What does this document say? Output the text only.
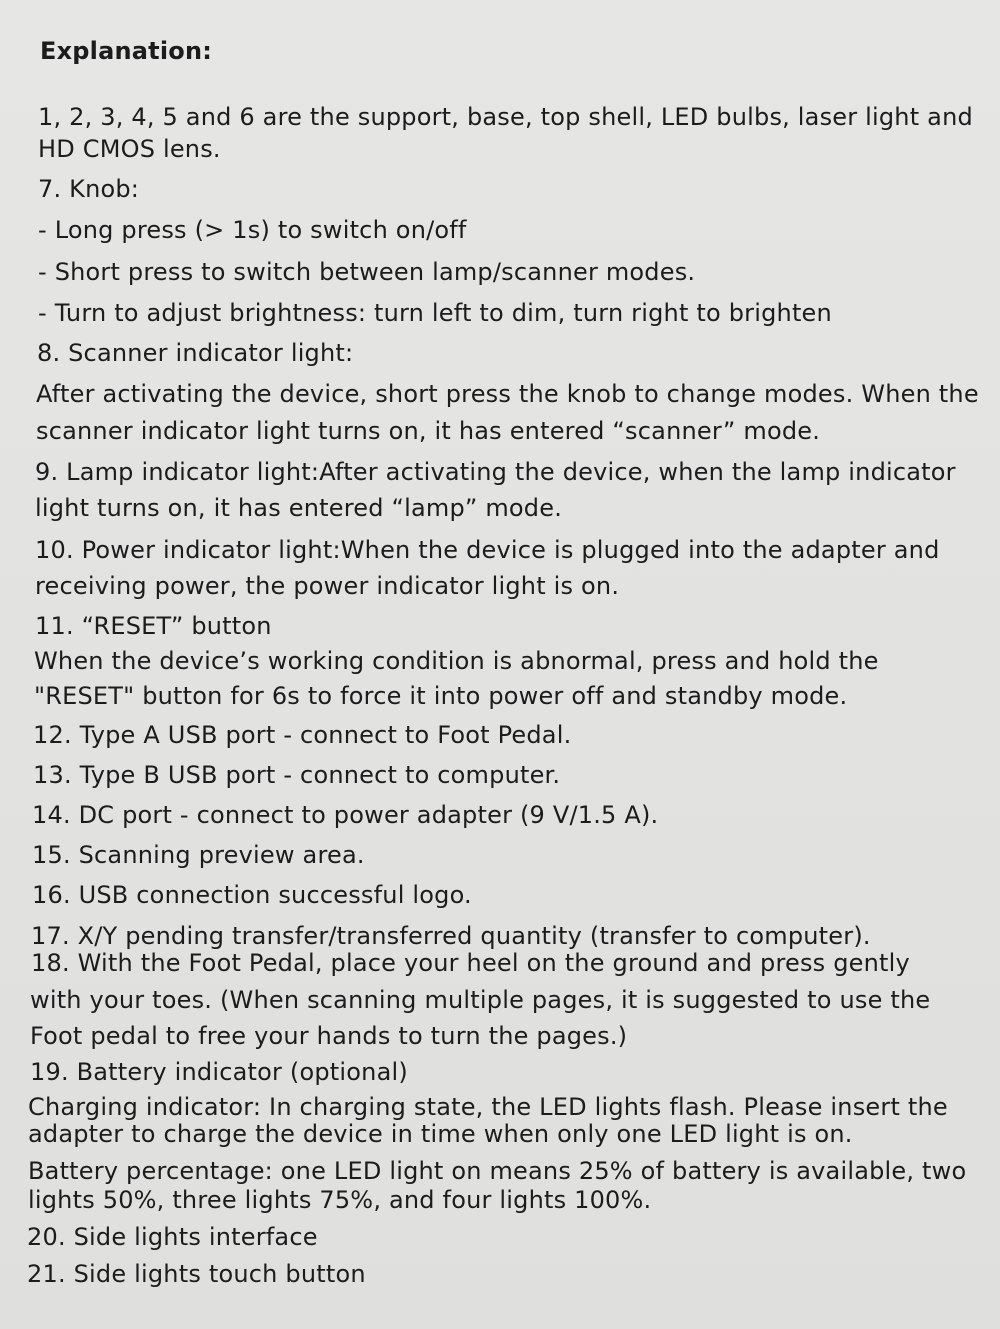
Explanation:
1, 2, 3, 4, 5 and 6 are the support, base, top shell, LED bulbs, laser light and
HD CMOS lens.
7. Knob:
- Long press (> 1s) to switch on/off
- Short press to switch between lamp/scanner modes.
- Turn to adjust brightness: turn left to dim, turn right to brighten
8. Scanner indicator light:
After activating the device, short press the knob to change modes. When the
scanner indicator light turns on, it has entered “scanner” mode.
9. Lamp indicator light:After activating the device, when the lamp indicator
light turns on, it has entered “lamp” mode.
10. Power indicator light:When the device is plugged into the adapter and
receiving power, the power indicator light is on.
11. “RESET” button
When the device’s working condition is abnormal, press and hold the
"RESET" button for 6s to force it into power off and standby mode.
12. Type A USB port - connect to Foot Pedal.
13. Type B USB port - connect to computer.
14. DC port - connect to power adapter (9 V/1.5 A).
15. Scanning preview area.
16. USB connection successful logo.
17. X/Y pending transfer/transferred quantity (transfer to computer).
18. With the Foot Pedal, place your heel on the ground and press gently
with your toes. (When scanning multiple pages, it is suggested to use the
Foot pedal to free your hands to turn the pages.)
19. Battery indicator (optional)
Charging indicator: In charging state, the LED lights flash. Please insert the
adapter to charge the device in time when only one LED light is on.
Battery percentage: one LED light on means 25% of battery is available, two
lights 50%, three lights 75%, and four lights 100%.
20. Side lights interface
21. Side lights touch button
